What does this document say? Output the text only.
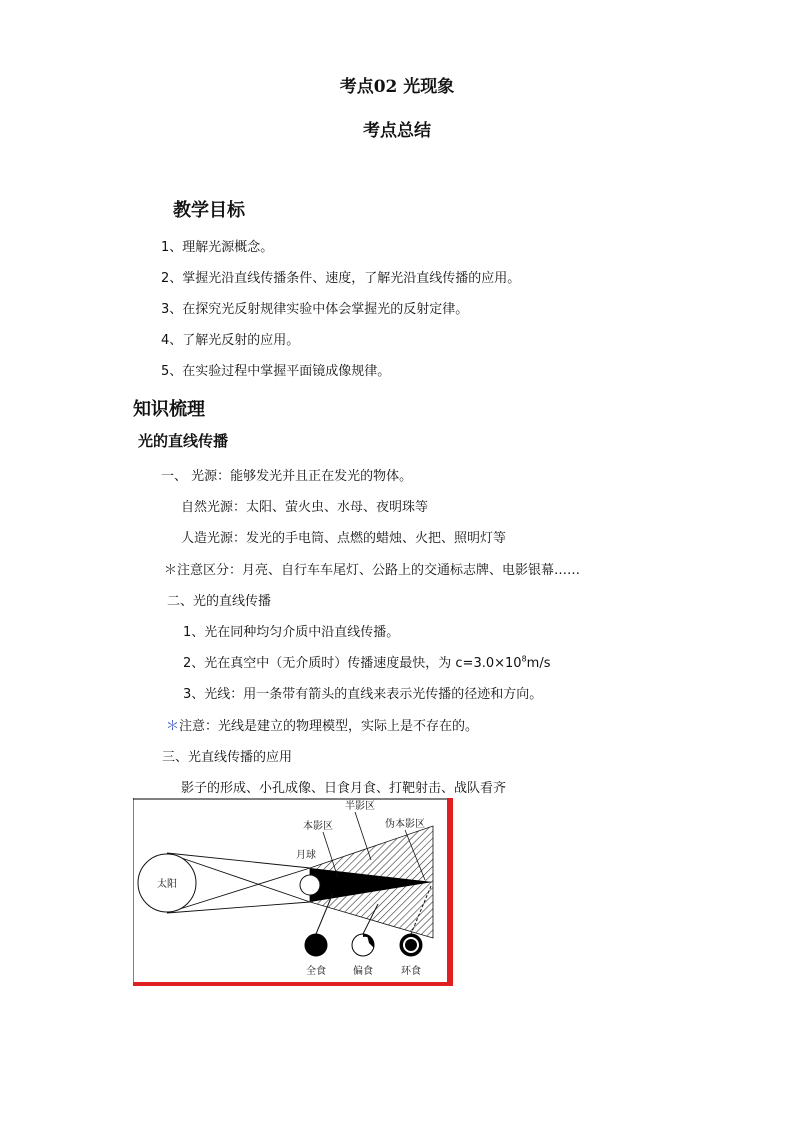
考点02 光现象
考点总结
教学目标
1、理解光源概念。
2、掌握光沿直线传播条件、速度，了解光沿直线传播的应用。
3、在探究光反射规律实验中体会掌握光的反射定律。
4、了解光反射的应用。
5、在实验过程中掌握平面镜成像规律。
知识梳理
光的直线传播
一、 光源：能够发光并且正在发光的物体。
自然光源：太阳、萤火虫、水母、夜明珠等
人造光源：发光的手电筒、点燃的蜡烛、火把、照明灯等
＊注意区分：月亮、自行车车尾灯、公路上的交通标志牌、电影银幕……
二、光的直线传播
1、光在同种均匀介质中沿直线传播。
2、光在真空中（无介质时）传播速度最快，为 $c=3.0\times 10^8m/s$
3、光线：用一条带有箭头的直线来表示光传播的径迹和方向。
＊注意：光线是建立的物理模型，实际上是不存在的。
三、光直线传播的应用
影子的形成、小孔成像、日食月食、打靶射击、战队看齐
太阳
月球
本影区
半影区
伪本影区
全食	偏食	环食
